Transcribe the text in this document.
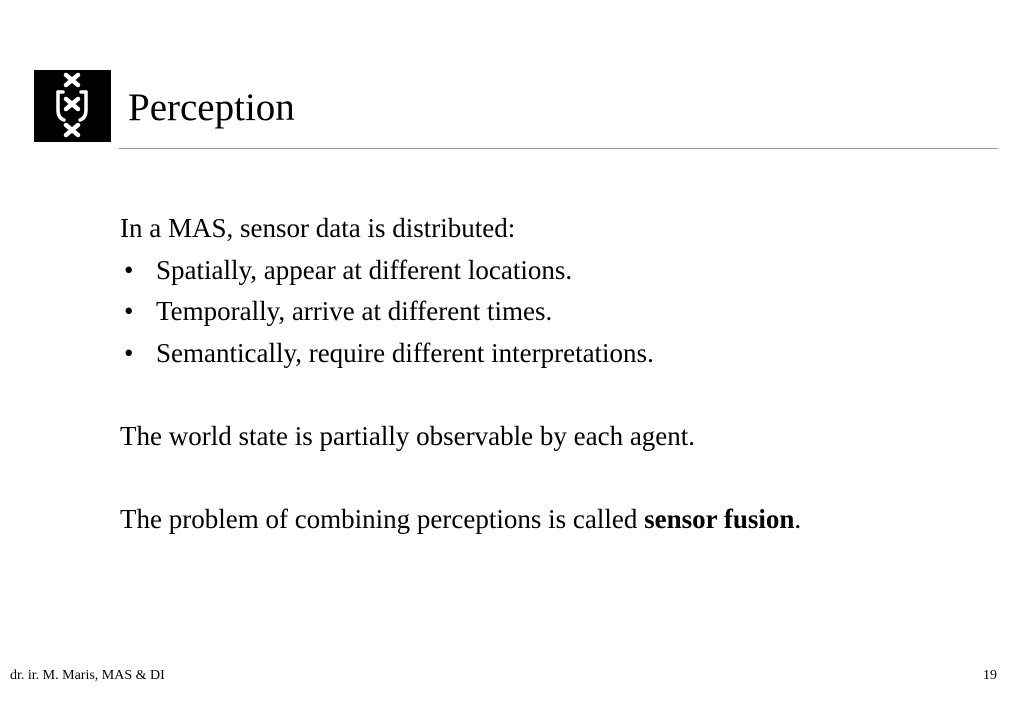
Perception

In a MAS, sensor data is distributed:

• Spatially, appear at different locations.
• Temporally, arrive at different times.
• Semantically, require different interpretations.

The world state is partially observable by each agent.

The problem of combining perceptions is called sensor fusion.

dr. ir. M. Maris, MAS & DI	19
